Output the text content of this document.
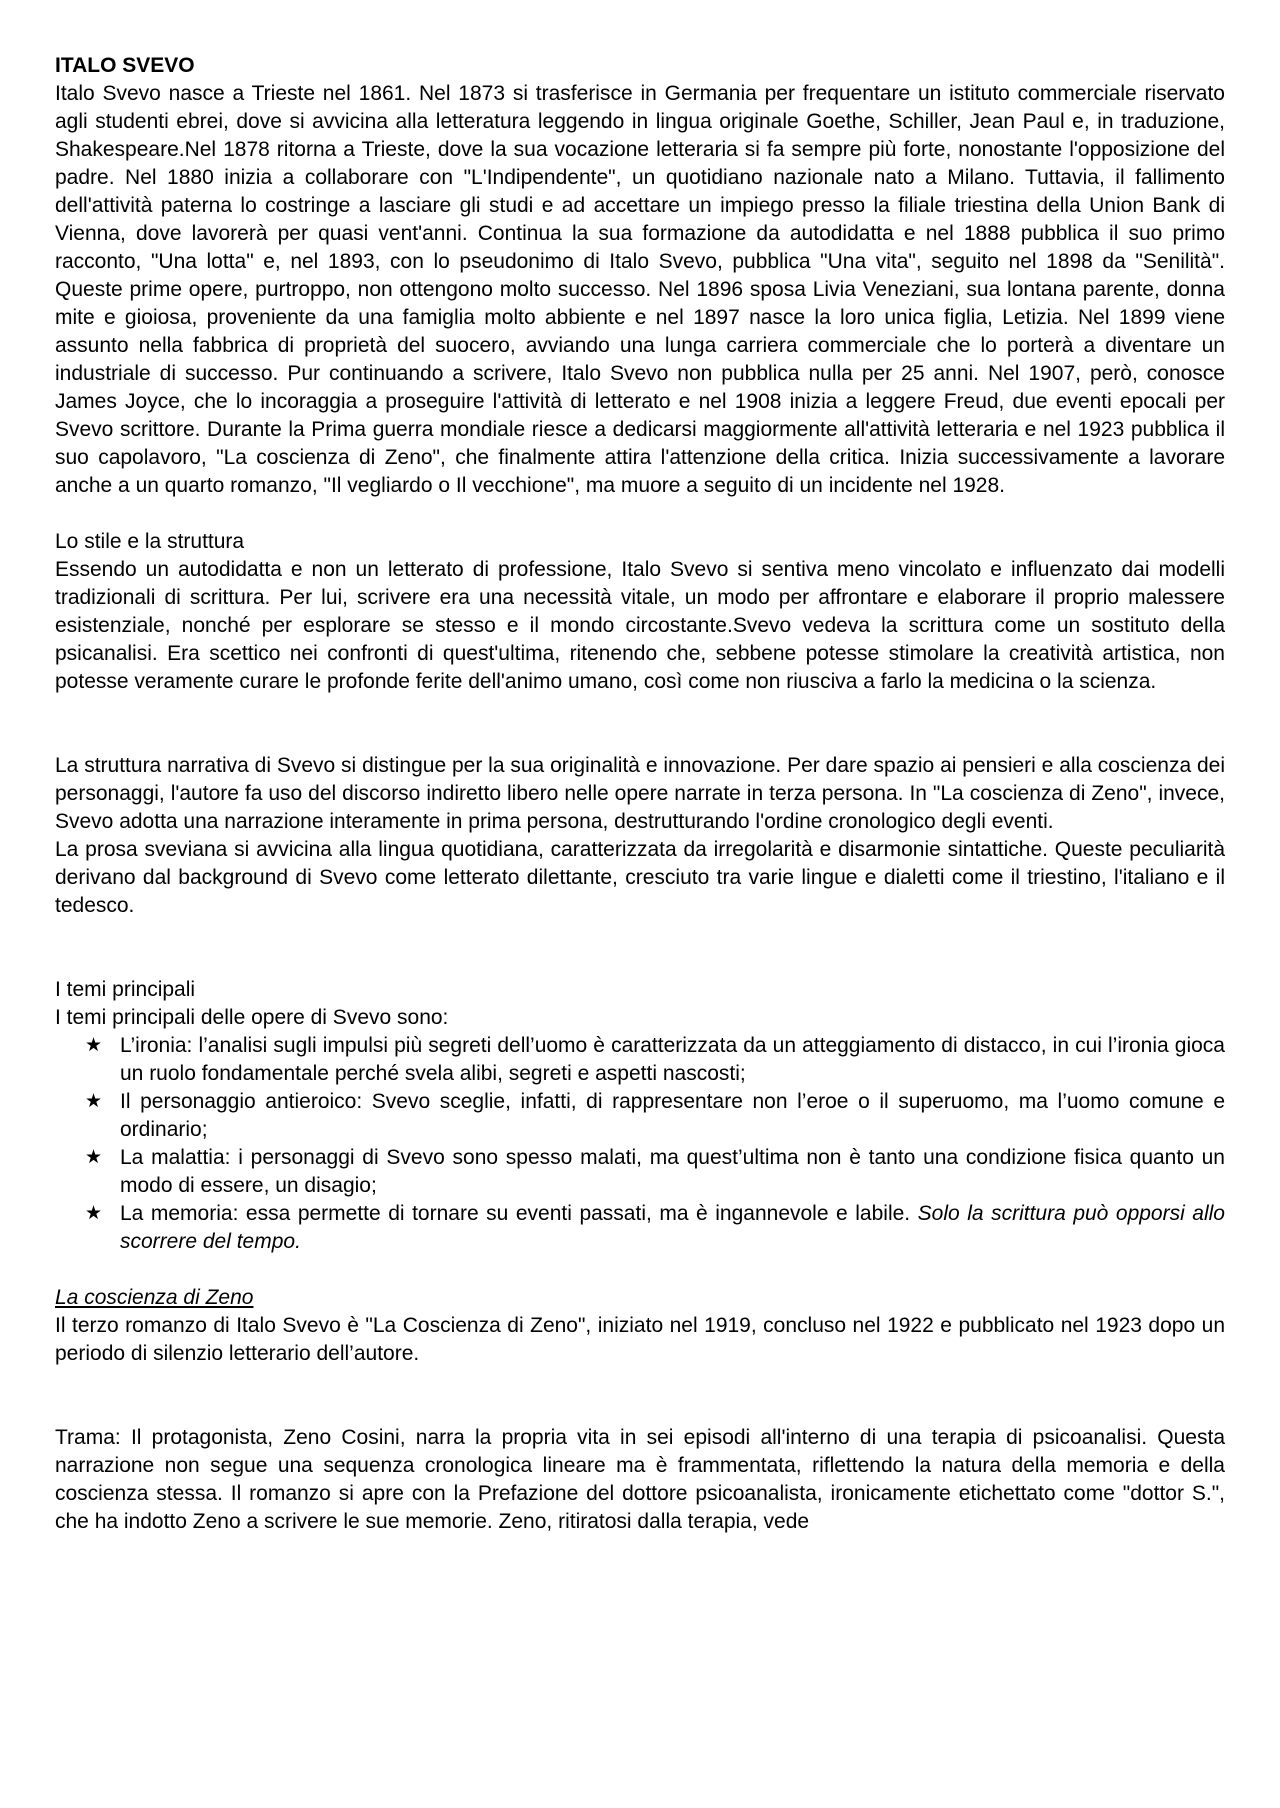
ITALO SVEVO

Italo Svevo nasce a Trieste nel 1861. Nel 1873 si trasferisce in Germania per frequentare un istituto commerciale riservato agli studenti ebrei, dove si avvicina alla letteratura leggendo in lingua originale Goethe, Schiller, Jean Paul e, in traduzione, Shakespeare.Nel 1878 ritorna a Trieste, dove la sua vocazione letteraria si fa sempre più forte, nonostante l'opposizione del padre. Nel 1880 inizia a collaborare con "L'Indipendente", un quotidiano nazionale nato a Milano. Tuttavia, il fallimento dell'attività paterna lo costringe a lasciare gli studi e ad accettare un impiego presso la filiale triestina della Union Bank di Vienna, dove lavorerà per quasi vent'anni. Continua la sua formazione da autodidatta e nel 1888 pubblica il suo primo racconto, "Una lotta" e, nel 1893, con lo pseudonimo di Italo Svevo, pubblica "Una vita", seguito nel 1898 da "Senilità". Queste prime opere, purtroppo, non ottengono molto successo. Nel 1896 sposa Livia Veneziani, sua lontana parente, donna mite e gioiosa, proveniente da una famiglia molto abbiente e nel 1897 nasce la loro unica figlia, Letizia. Nel 1899 viene assunto nella fabbrica di proprietà del suocero, avviando una lunga carriera commerciale che lo porterà a diventare un industriale di successo. Pur continuando a scrivere, Italo Svevo non pubblica nulla per 25 anni. Nel 1907, però, conosce James Joyce, che lo incoraggia a proseguire l'attività di letterato e nel 1908 inizia a leggere Freud, due eventi epocali per Svevo scrittore. Durante la Prima guerra mondiale riesce a dedicarsi maggiormente all'attività letteraria e nel 1923 pubblica il suo capolavoro, "La coscienza di Zeno", che finalmente attira l'attenzione della critica. Inizia successivamente a lavorare anche a un quarto romanzo, "Il vegliardo o Il vecchione", ma muore a seguito di un incidente nel 1928.

Lo stile e la struttura

Essendo un autodidatta e non un letterato di professione, Italo Svevo si sentiva meno vincolato e influenzato dai modelli tradizionali di scrittura. Per lui, scrivere era una necessità vitale, un modo per affrontare e elaborare il proprio malessere esistenziale, nonché per esplorare se stesso e il mondo circostante.Svevo vedeva la scrittura come un sostituto della psicanalisi. Era scettico nei confronti di quest'ultima, ritenendo che, sebbene potesse stimolare la creatività artistica, non potesse veramente curare le profonde ferite dell'animo umano, così come non riusciva a farlo la medicina o la scienza.

La struttura narrativa di Svevo si distingue per la sua originalità e innovazione. Per dare spazio ai pensieri e alla coscienza dei personaggi, l'autore fa uso del discorso indiretto libero nelle opere narrate in terza persona. In "La coscienza di Zeno", invece, Svevo adotta una narrazione interamente in prima persona, destrutturando l'ordine cronologico degli eventi.

La prosa sveviana si avvicina alla lingua quotidiana, caratterizzata da irregolarità e disarmonie sintattiche. Queste peculiarità derivano dal background di Svevo come letterato dilettante, cresciuto tra varie lingue e dialetti come il triestino, l'italiano e il tedesco.

I temi principali

I temi principali delle opere di Svevo sono:

★ L’ironia: l’analisi sugli impulsi più segreti dell’uomo è caratterizzata da un atteggiamento di distacco, in cui l’ironia gioca un ruolo fondamentale perché svela alibi, segreti e aspetti nascosti;
★ Il personaggio antieroico: Svevo sceglie, infatti, di rappresentare non l’eroe o il superuomo, ma l’uomo comune e ordinario;
★ La malattia: i personaggi di Svevo sono spesso malati, ma quest’ultima non è tanto una condizione fisica quanto un modo di essere, un disagio;
★ La memoria: essa permette di tornare su eventi passati, ma è ingannevole e labile. Solo la scrittura può opporsi allo scorrere del tempo.

La coscienza di Zeno

Il terzo romanzo di Italo Svevo è "La Coscienza di Zeno", iniziato nel 1919, concluso nel 1922 e pubblicato nel 1923 dopo un periodo di silenzio letterario dell’autore.

Trama: Il protagonista, Zeno Cosini, narra la propria vita in sei episodi all'interno di una terapia di psicoanalisi. Questa narrazione non segue una sequenza cronologica lineare ma è frammentata, riflettendo la natura della memoria e della coscienza stessa. Il romanzo si apre con la Prefazione del dottore psicoanalista, ironicamente etichettato come "dottor S.", che ha indotto Zeno a scrivere le sue memorie. Zeno, ritiratosi dalla terapia, vede
